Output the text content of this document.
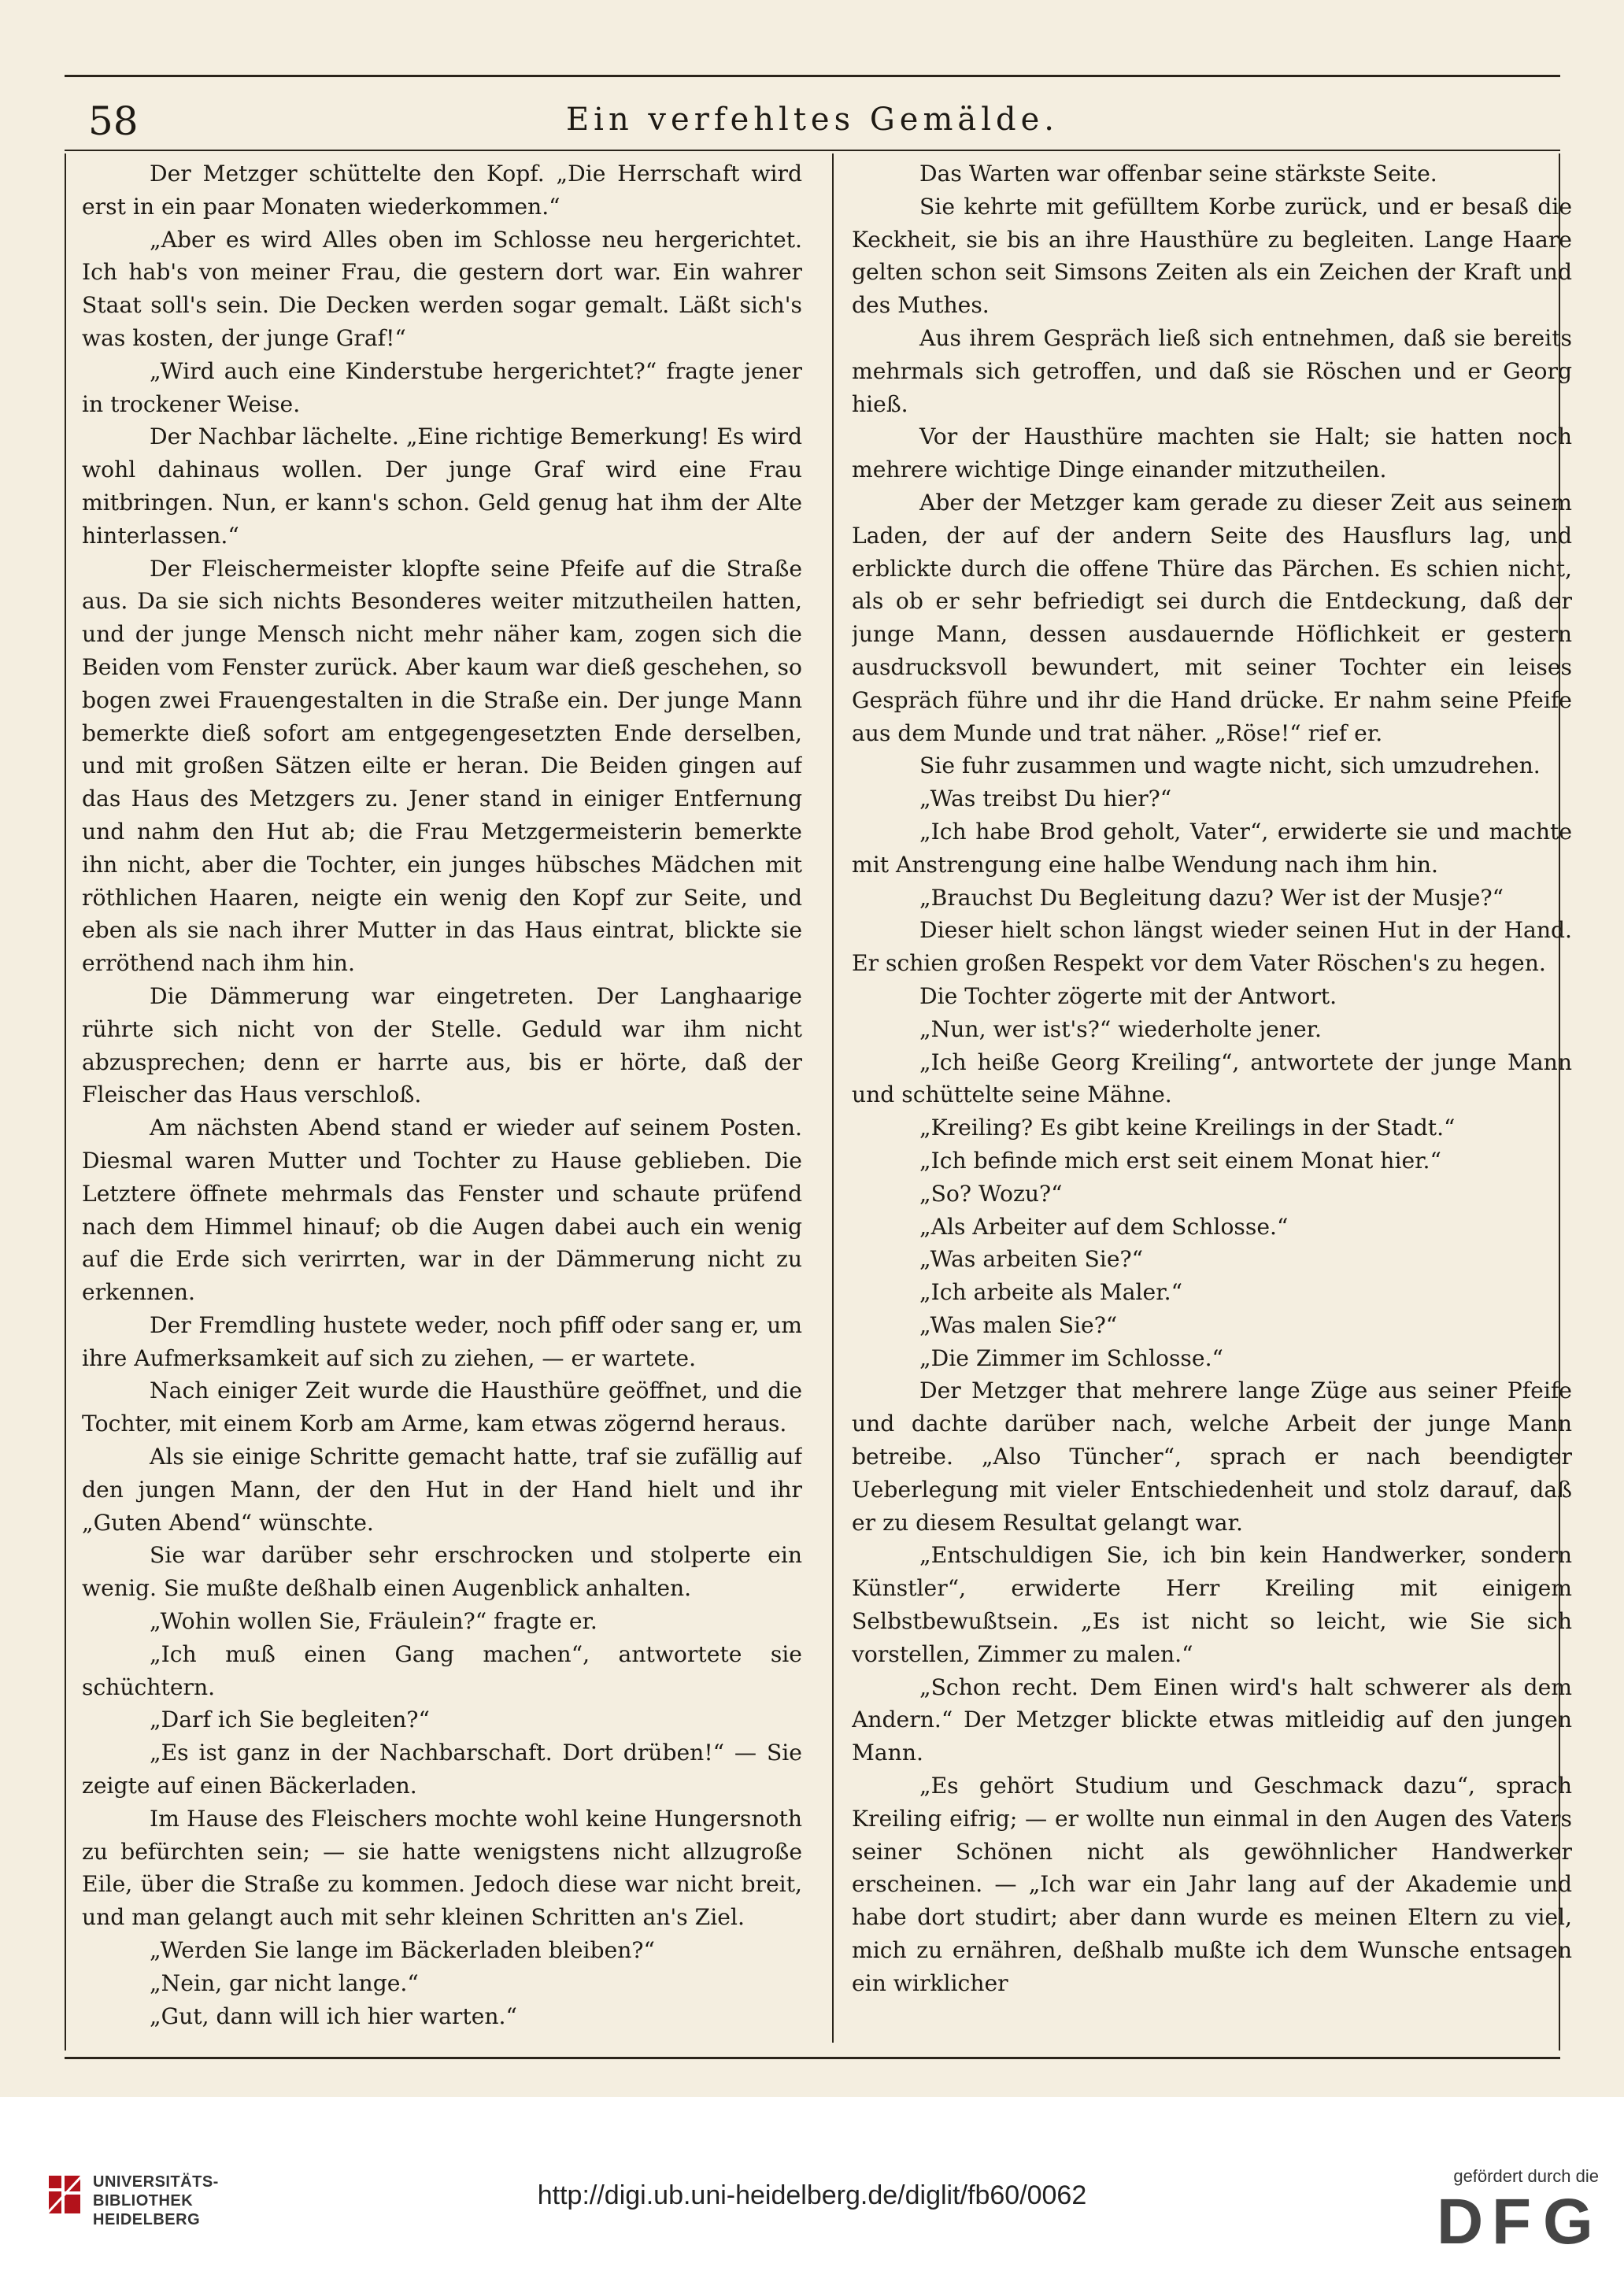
58	Ein verfehltes Gemälde.

Der Metzger schüttelte den Kopf. „Die Herrschaft wird erst in ein paar Monaten wiederkommen.“

„Aber es wird Alles oben im Schlosse neu hergerichtet. Ich hab's von meiner Frau, die gestern dort war. Ein wahrer Staat soll's sein. Die Decken werden sogar gemalt. Läßt sich's was kosten, der junge Graf!“

„Wird auch eine Kinderstube hergerichtet?“ fragte jener in trockener Weise.

Der Nachbar lächelte. „Eine richtige Bemerkung! Es wird wohl dahinaus wollen. Der junge Graf wird eine Frau mitbringen. Nun, er kann's schon. Geld genug hat ihm der Alte hinterlassen.“

Der Fleischermeister klopfte seine Pfeife auf die Straße aus. Da sie sich nichts Besonderes weiter mitzutheilen hatten, und der junge Mensch nicht mehr näher kam, zogen sich die Beiden vom Fenster zurück. Aber kaum war dieß geschehen, so bogen zwei Frauengestalten in die Straße ein. Der junge Mann bemerkte dieß sofort am entgegengesetzten Ende derselben, und mit großen Sätzen eilte er heran. Die Beiden gingen auf das Haus des Metzgers zu. Jener stand in einiger Entfernung und nahm den Hut ab; die Frau Metzgermeisterin bemerkte ihn nicht, aber die Tochter, ein junges hübsches Mädchen mit röthlichen Haaren, neigte ein wenig den Kopf zur Seite, und eben als sie nach ihrer Mutter in das Haus eintrat, blickte sie erröthend nach ihm hin.

Die Dämmerung war eingetreten. Der Langhaarige rührte sich nicht von der Stelle. Geduld war ihm nicht abzusprechen; denn er harrte aus, bis er hörte, daß der Fleischer das Haus verschloß.

Am nächsten Abend stand er wieder auf seinem Posten. Diesmal waren Mutter und Tochter zu Hause geblieben. Die Letztere öffnete mehrmals das Fenster und schaute prüfend nach dem Himmel hinauf; ob die Augen dabei auch ein wenig auf die Erde sich verirrten, war in der Dämmerung nicht zu erkennen.

Der Fremdling hustete weder, noch pfiff oder sang er, um ihre Aufmerksamkeit auf sich zu ziehen, — er wartete.

Nach einiger Zeit wurde die Hausthüre geöffnet, und die Tochter, mit einem Korb am Arme, kam etwas zögernd heraus.

Als sie einige Schritte gemacht hatte, traf sie zufällig auf den jungen Mann, der den Hut in der Hand hielt und ihr „Guten Abend“ wünschte.

Sie war darüber sehr erschrocken und stolperte ein wenig. Sie mußte deßhalb einen Augenblick anhalten.

„Wohin wollen Sie, Fräulein?“ fragte er.

„Ich muß einen Gang machen“, antwortete sie schüchtern.

„Darf ich Sie begleiten?“

„Es ist ganz in der Nachbarschaft. Dort drüben!“ — Sie zeigte auf einen Bäckerladen.

Im Hause des Fleischers mochte wohl keine Hungersnoth zu befürchten sein; — sie hatte wenigstens nicht allzugroße Eile, über die Straße zu kommen. Jedoch diese war nicht breit, und man gelangt auch mit sehr kleinen Schritten an's Ziel.

„Werden Sie lange im Bäckerladen bleiben?“

„Nein, gar nicht lange.“

„Gut, dann will ich hier warten.“

Das Warten war offenbar seine stärkste Seite.

Sie kehrte mit gefülltem Korbe zurück, und er besaß die Keckheit, sie bis an ihre Hausthüre zu begleiten. Lange Haare gelten schon seit Simsons Zeiten als ein Zeichen der Kraft und des Muthes.

Aus ihrem Gespräch ließ sich entnehmen, daß sie bereits mehrmals sich getroffen, und daß sie Röschen und er Georg hieß.

Vor der Hausthüre machten sie Halt; sie hatten noch mehrere wichtige Dinge einander mitzutheilen.

Aber der Metzger kam gerade zu dieser Zeit aus seinem Laden, der auf der andern Seite des Hausflurs lag, und erblickte durch die offene Thüre das Pärchen. Es schien nicht, als ob er sehr befriedigt sei durch die Entdeckung, daß der junge Mann, dessen ausdauernde Höflichkeit er gestern ausdrucksvoll bewundert, mit seiner Tochter ein leises Gespräch führe und ihr die Hand drücke. Er nahm seine Pfeife aus dem Munde und trat näher. „Röse!“ rief er.

Sie fuhr zusammen und wagte nicht, sich umzudrehen.

„Was treibst Du hier?“

„Ich habe Brod geholt, Vater“, erwiderte sie und machte mit Anstrengung eine halbe Wendung nach ihm hin.

„Brauchst Du Begleitung dazu? Wer ist der Musje?“

Dieser hielt schon längst wieder seinen Hut in der Hand. Er schien großen Respekt vor dem Vater Röschen's zu hegen.

Die Tochter zögerte mit der Antwort.

„Nun, wer ist's?“ wiederholte jener.

„Ich heiße Georg Kreiling“, antwortete der junge Mann und schüttelte seine Mähne.

„Kreiling? Es gibt keine Kreilings in der Stadt.“

„Ich befinde mich erst seit einem Monat hier.“

„So? Wozu?“

„Als Arbeiter auf dem Schlosse.“

„Was arbeiten Sie?“

„Ich arbeite als Maler.“

„Was malen Sie?“

„Die Zimmer im Schlosse.“

Der Metzger that mehrere lange Züge aus seiner Pfeife und dachte darüber nach, welche Arbeit der junge Mann betreibe. „Also Tüncher“, sprach er nach beendigter Ueberlegung mit vieler Entschiedenheit und stolz darauf, daß er zu diesem Resultat gelangt war.

„Entschuldigen Sie, ich bin kein Handwerker, sondern Künstler“, erwiderte Herr Kreiling mit einigem Selbstbewußtsein. „Es ist nicht so leicht, wie Sie sich vorstellen, Zimmer zu malen.“

„Schon recht. Dem Einen wird's halt schwerer als dem Andern.“ Der Metzger blickte etwas mitleidig auf den jungen Mann.

„Es gehört Studium und Geschmack dazu“, sprach Kreiling eifrig; — er wollte nun einmal in den Augen des Vaters seiner Schönen nicht als gewöhnlicher Handwerker erscheinen. — „Ich war ein Jahr lang auf der Akademie und habe dort studirt; aber dann wurde es meinen Eltern zu viel, mich zu ernähren, deßhalb mußte ich dem Wunsche entsagen ein wirklicher

UNIVERSITÄTS-
BIBLIOTHEK
HEIDELBERG
http://digi.ub.uni-heidelberg.de/diglit/fb60/0062
gefördert durch die
D F G
